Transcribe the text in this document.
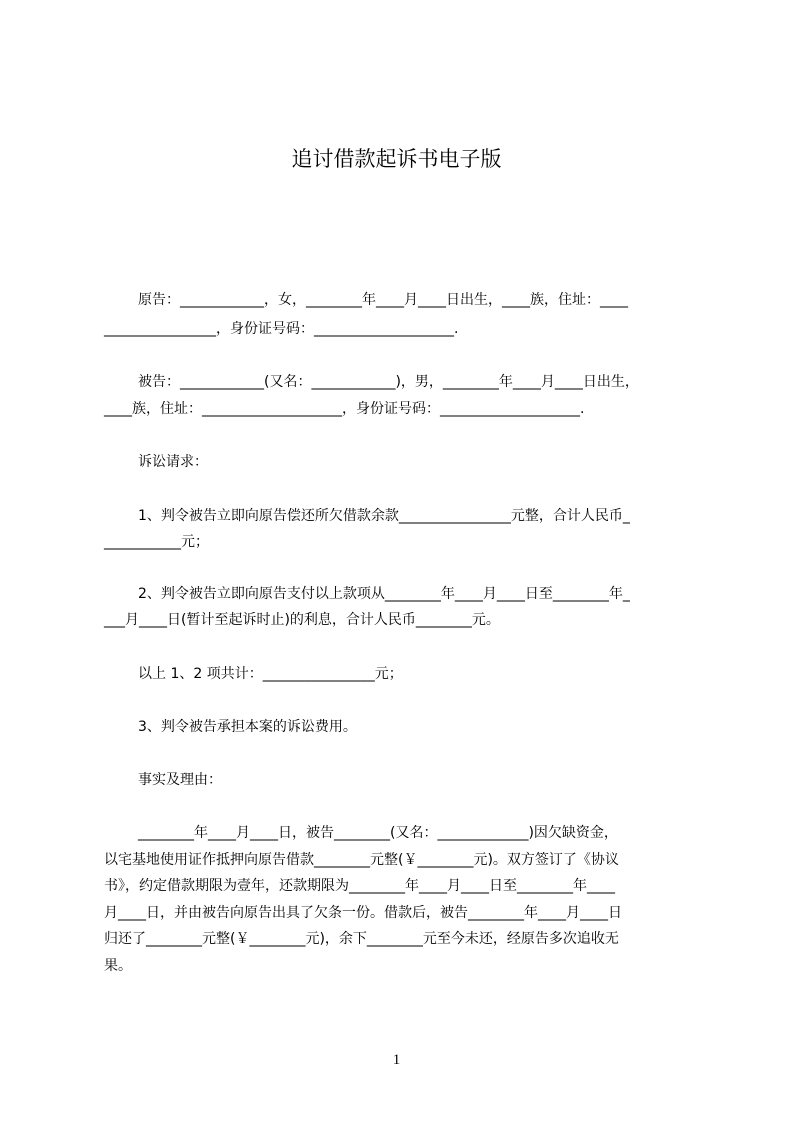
追讨借款起诉书电子版
原告：____________，女，________年____月____日出生，____族，住址：____
________________，身份证号码：____________________.
被告：____________(又名：____________)，男，________年____月____日出生，
____族，住址：____________________，身份证号码：____________________.
诉讼请求：
1、判令被告立即向原告偿还所欠借款余款________________元整，合计人民币_
___________元；
2、判令被告立即向原告支付以上款项从________年____月____日至________年_
___月____日(暂计至起诉时止)的利息，合计人民币________元。
以上 1、2 项共计：________________元；
3、判令被告承担本案的诉讼费用。
事实及理由：
________年____月____日，被告________(又名：_____________)因欠缺资金，
以宅基地使用证作抵押向原告借款________元整(￥________元)。双方签订了《协议
书》，约定借款期限为壹年，还款期限为________年____月____日至________年____
月____日，并由被告向原告出具了欠条一份。借款后，被告________年____月____日
归还了________元整(￥________元)，余下________元至今未还，经原告多次追收无
果。
1
